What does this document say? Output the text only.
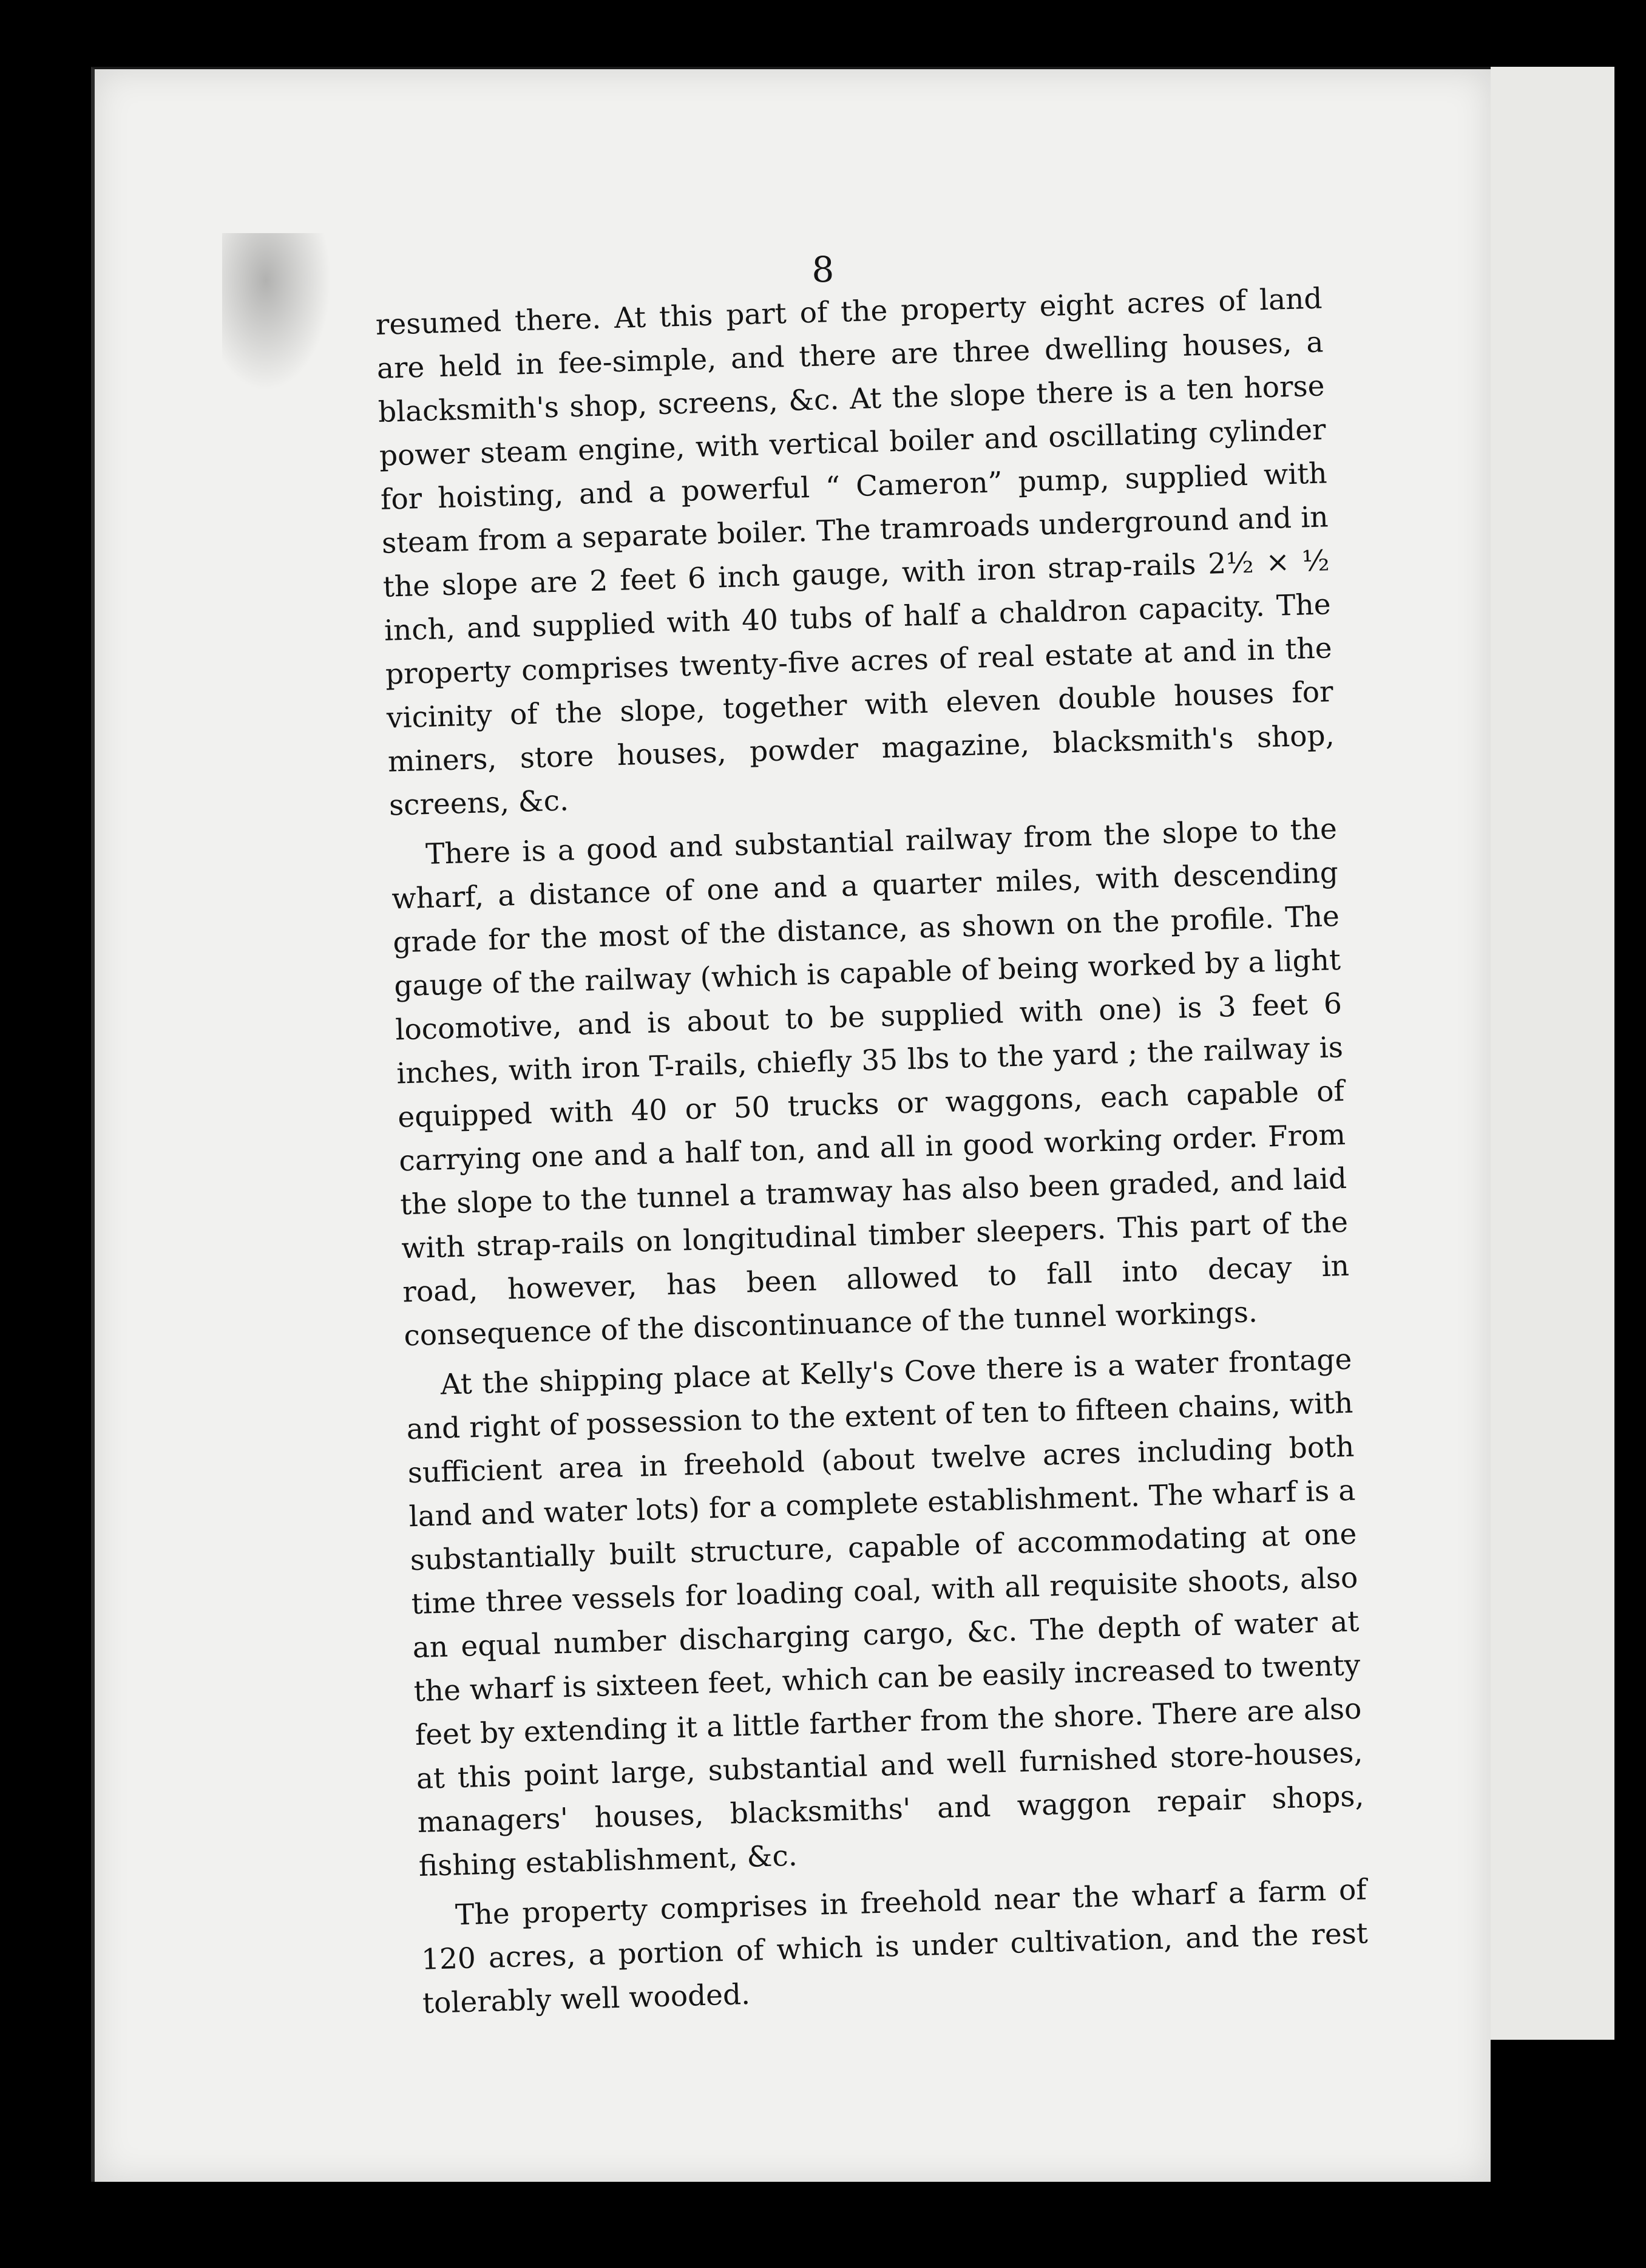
8

resumed there. At this part of the property eight acres of land are held in fee-simple, and there are three dwelling houses, a blacksmith's shop, screens, &c. At the slope there is a ten horse power steam engine, with vertical boiler and oscillating cylinder for hoisting, and a powerful “ Cameron” pump, supplied with steam from a separate boiler. The tramroads underground and in the slope are 2 feet 6 inch gauge, with iron strap-rails 2½ × ½ inch, and supplied with 40 tubs of half a chaldron capacity. The property comprises twenty-five acres of real estate at and in the vicinity of the slope, together with eleven double houses for miners, store houses, powder magazine, blacksmith's shop, screens, &c.

There is a good and substantial railway from the slope to the wharf, a distance of one and a quarter miles, with descending grade for the most of the distance, as shown on the profile. The gauge of the railway (which is capable of being worked by a light locomotive, and is about to be supplied with one) is 3 feet 6 inches, with iron T-rails, chiefly 35 lbs to the yard ; the railway is equipped with 40 or 50 trucks or waggons, each capable of carrying one and a half ton, and all in good working order. From the slope to the tunnel a tramway has also been graded, and laid with strap-rails on longitudinal timber sleepers. This part of the road, however, has been allowed to fall into decay in consequence of the discontinuance of the tunnel workings.

At the shipping place at Kelly's Cove there is a water frontage and right of possession to the extent of ten to fifteen chains, with sufficient area in freehold (about twelve acres including both land and water lots) for a complete establishment. The wharf is a substantially built structure, capable of accommodating at one time three vessels for loading coal, with all requisite shoots, also an equal number discharging cargo, &c. The depth of water at the wharf is sixteen feet, which can be easily increased to twenty feet by extending it a little farther from the shore. There are also at this point large, substantial and well furnished store-houses, managers' houses, blacksmiths' and waggon repair shops, fishing establishment, &c.

The property comprises in freehold near the wharf a farm of 120 acres, a portion of which is under cultivation, and the rest tolerably well wooded.
